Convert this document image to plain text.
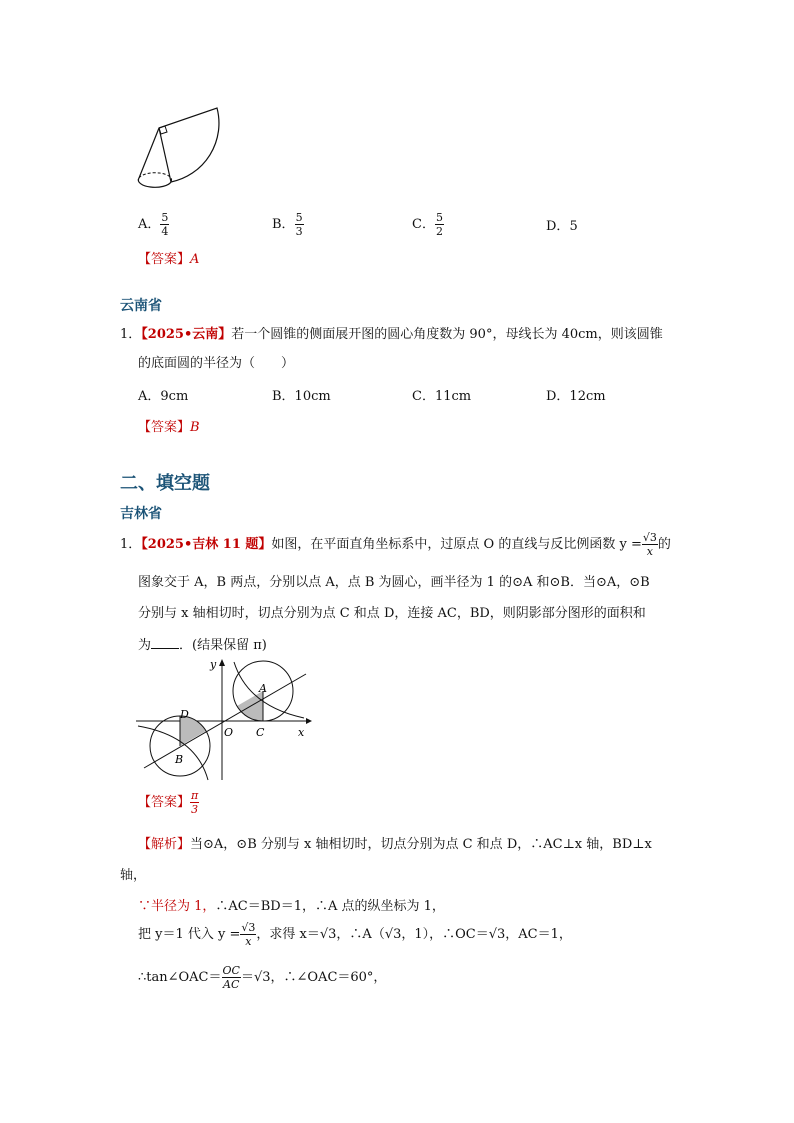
A． $\frac{5}{4}$	B． $\frac{5}{3}$	C． $\frac{5}{2}$	D．5
【答案】A
云南省
1．【2025•云南】若一个圆锥的侧面展开图的圆心角度数为 90°，母线长为 40cm，则该圆锥
的底面圆的半径为（　　）
A．9cm	B．10cm	C．11cm	D．12cm
【答案】B
二、填空题
吉林省
1．【2025•吉林 11 题】如图，在平面直角坐标系中，过原点 O 的直线与反比例函数 $y = \frac{√3}{x}$ 的
图象交于 A，B 两点，分别以点 A，点 B 为圆心，画半径为 1 的⊙A 和⊙B．当⊙A，⊙B
分别与 x 轴相切时，切点分别为点 C 和点 D，连接 AC，BD，则阴影部分图形的面积和
为 ．(结果保留 π)
y
x
A
B
C
D
O
【答案】 $\frac{\pi}{3}$
【解析】当⊙A，⊙B 分别与 x 轴相切时，切点分别为点 C 和点 D，∴AC⊥x 轴，BD⊥x
轴，
∵半径为 1，∴AC＝BD＝1，∴A 点的纵坐标为 1，
把 y＝1 代入 $y = \frac{√3}{x}$ ，求得 x＝√3，∴A（√3，1），∴OC＝√3，AC＝1，
∴tan∠OAC＝ $\frac{OC}{AC} =√3$，∴∠OAC＝60°，
